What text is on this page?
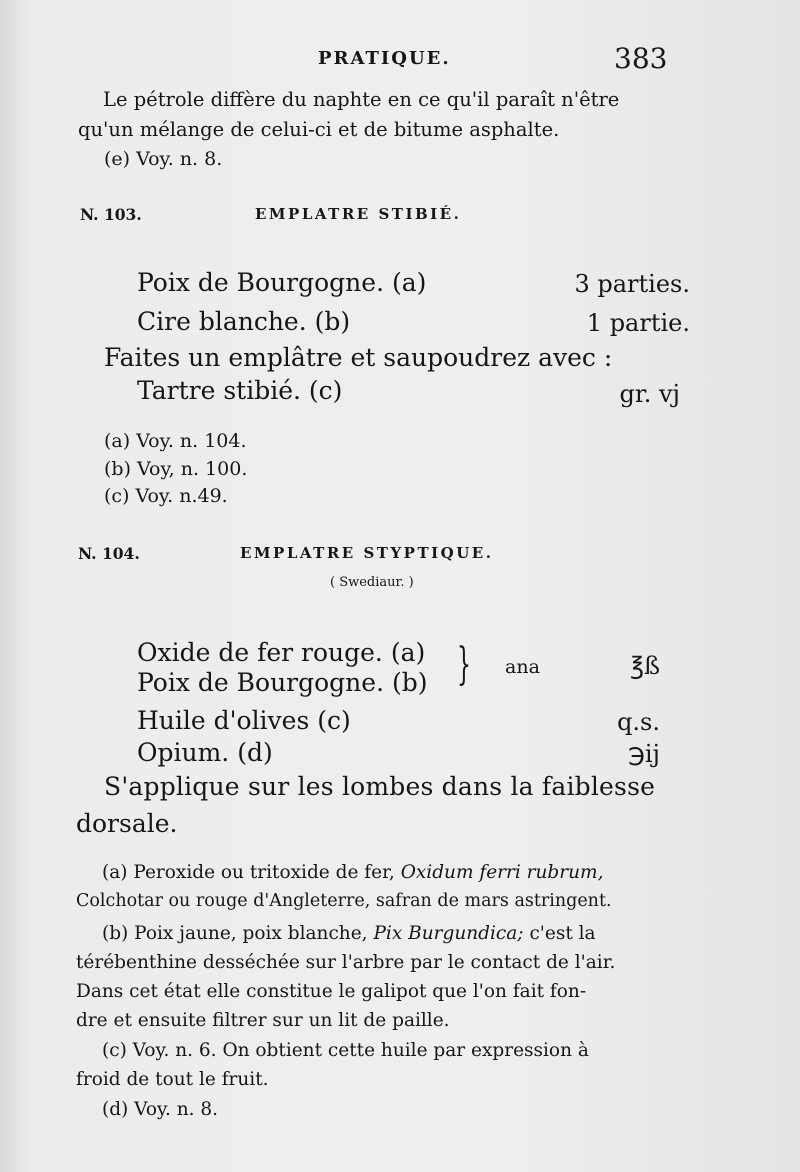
PRATIQUE.	383
Le pétrole diffère du naphte en ce qu'il paraît n'être
qu'un mélange de celui-ci et de bitume asphalte.
(e) Voy. n. 8.
N. 103.	EMPLATRE STIBIÉ.
Poix de Bourgogne. (a)	3 parties.
Cire blanche. (b)	1 partie.
Faites un emplâtre et saupoudrez avec :
Tartre stibié. (c)	gr. vj
(a) Voy. n. 104.
(b) Voy, n. 100.
(c) Voy. n.49.
N. 104.	EMPLATRE STYPTIQUE.
( Swediaur. )
Oxide de fer rouge. (a)
Poix de Bourgogne. (b) } ana	℥ß
Huile d'olives (c)	q.s.
Opium. (d)	℈ij
S'applique sur les lombes dans la faiblesse
dorsale.
(a) Peroxide ou tritoxide de fer, Oxidum ferri rubrum,
Colchotar ou rouge d'Angleterre, safran de mars astringent.
(b) Poix jaune, poix blanche, Pix Burgundica; c'est la
térébenthine desséchée sur l'arbre par le contact de l'air.
Dans cet état elle constitue le galipot que l'on fait fon-
dre et ensuite filtrer sur un lit de paille.
(c) Voy. n. 6. On obtient cette huile par expression à
froid de tout le fruit.
(d) Voy. n. 8.
